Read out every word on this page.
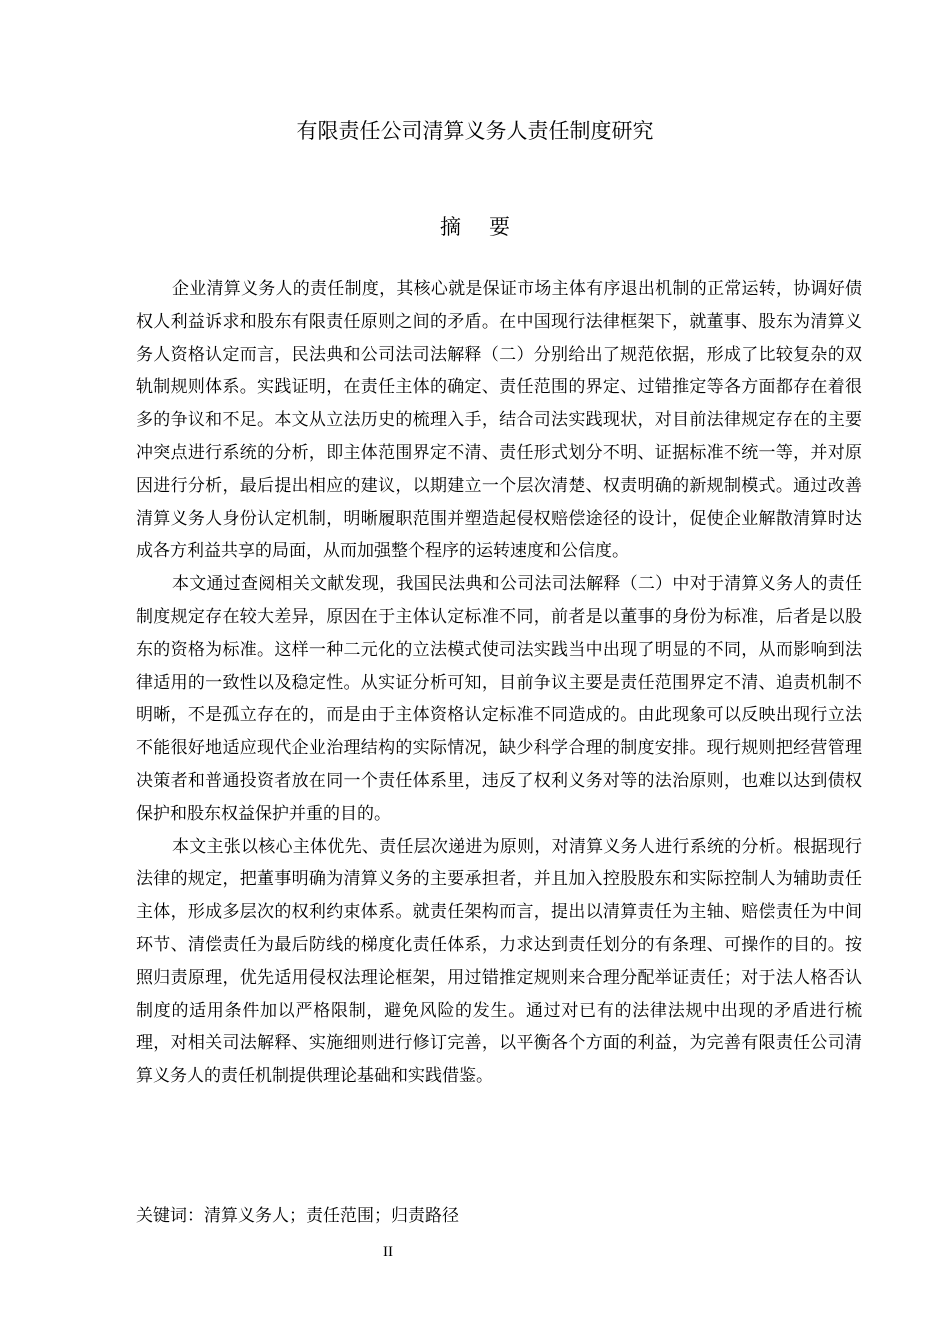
有限责任公司清算义务人责任制度研究
摘要

企业清算义务人的责任制度，其核心就是保证市场主体有序退出机制的正常运转，协调好债权人利益诉求和股东有限责任原则之间的矛盾。在中国现行法律框架下，就董事、股东为清算义务人资格认定而言，民法典和公司法司法解释（二）分别给出了规范依据，形成了比较复杂的双轨制规则体系。实践证明，在责任主体的确定、责任范围的界定、过错推定等各方面都存在着很多的争议和不足。本文从立法历史的梳理入手，结合司法实践现状，对目前法律规定存在的主要冲突点进行系统的分析，即主体范围界定不清、责任形式划分不明、证据标准不统一等，并对原因进行分析，最后提出相应的建议，以期建立一个层次清楚、权责明确的新规制模式。通过改善清算义务人身份认定机制，明晰履职范围并塑造起侵权赔偿途径的设计，促使企业解散清算时达成各方利益共享的局面，从而加强整个程序的运转速度和公信度。

本文通过查阅相关文献发现，我国民法典和公司法司法解释（二）中对于清算义务人的责任制度规定存在较大差异，原因在于主体认定标准不同，前者是以董事的身份为标准，后者是以股东的资格为标准。这样一种二元化的立法模式使司法实践当中出现了明显的不同，从而影响到法律适用的一致性以及稳定性。从实证分析可知，目前争议主要是责任范围界定不清、追责机制不明晰，不是孤立存在的，而是由于主体资格认定标准不同造成的。由此现象可以反映出现行立法不能很好地适应现代企业治理结构的实际情况，缺少科学合理的制度安排。现行规则把经营管理决策者和普通投资者放在同一个责任体系里，违反了权利义务对等的法治原则，也难以达到债权保护和股东权益保护并重的目的。

本文主张以核心主体优先、责任层次递进为原则，对清算义务人进行系统的分析。根据现行法律的规定，把董事明确为清算义务的主要承担者，并且加入控股股东和实际控制人为辅助责任主体，形成多层次的权利约束体系。就责任架构而言，提出以清算责任为主轴、赔偿责任为中间环节、清偿责任为最后防线的梯度化责任体系，力求达到责任划分的有条理、可操作的目的。按照归责原理，优先适用侵权法理论框架，用过错推定规则来合理分配举证责任；对于法人格否认制度的适用条件加以严格限制，避免风险的发生。通过对已有的法律法规中出现的矛盾进行梳理，对相关司法解释、实施细则进行修订完善，以平衡各个方面的利益，为完善有限责任公司清算义务人的责任机制提供理论基础和实践借鉴。

关键词：清算义务人；责任范围；归责路径

II
